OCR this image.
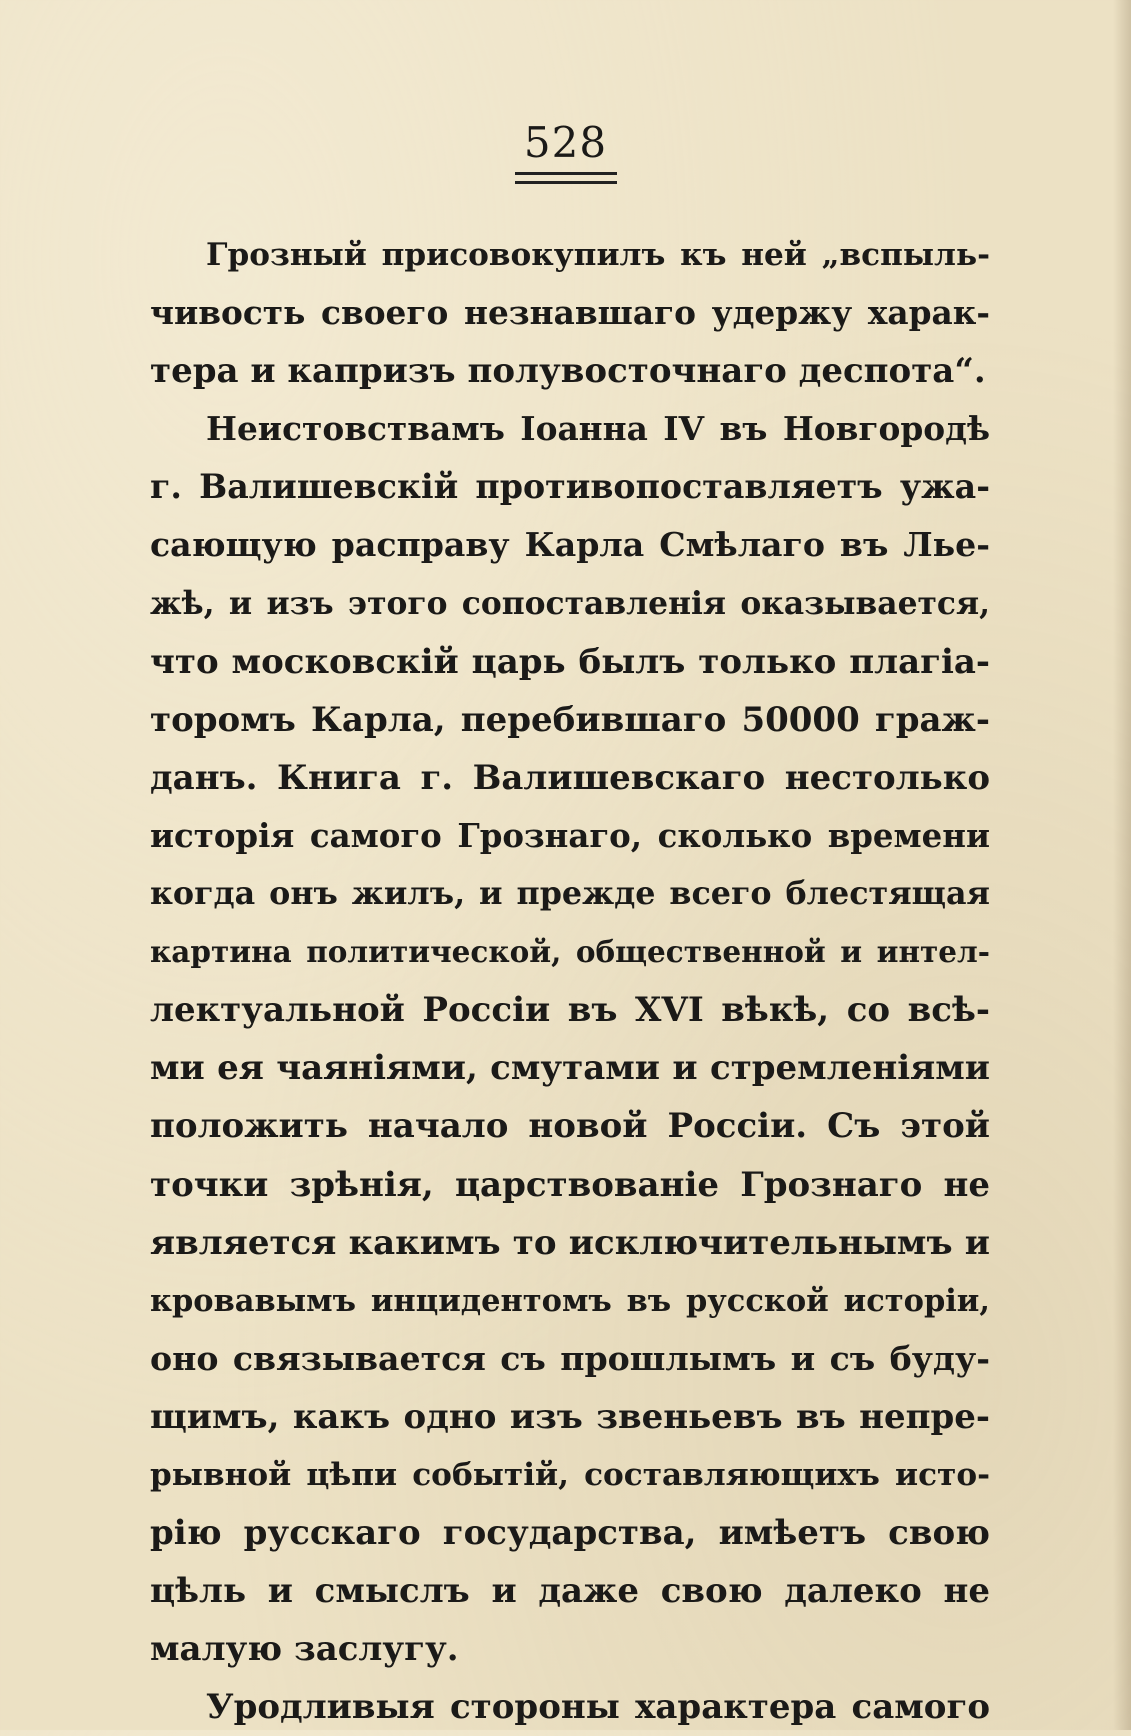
528
Грозный присовокупилъ къ ней „вспыль-
чивость своего незнавшаго удержу харак-
тера и капризъ полувосточнаго деспота“.
Неистовствамъ Іоанна IV въ Новгородѣ
г. Валишевскій противопоставляетъ ужа-
сающую расправу Карла Смѣлаго въ Лье-
жѣ, и изъ этого сопоставленія оказывается,
что московскій царь былъ только плагіа-
торомъ Карла, перебившаго 50000 граж-
данъ. Книга г. Валишевскаго нестолько
исторія самого Грознаго, сколько времени
когда онъ жилъ, и прежде всего блестящая
картина политической, общественной и интел-
лектуальной Россіи въ XVI вѣкѣ, со всѣ-
ми ея чаяніями, смутами и стремленіями
положить начало новой Россіи. Съ этой
точки зрѣнія, царствованіе Грознаго не
является какимъ то исключительнымъ и
кровавымъ инцидентомъ въ русской исторіи,
оно связывается съ прошлымъ и съ буду-
щимъ, какъ одно изъ звеньевъ въ непре-
рывной цѣпи событій, составляющихъ исто-
рію русскаго государства, имѣетъ свою
цѣль и смыслъ и даже свою далеко не
малую заслугу.
Уродливыя стороны характера самого
